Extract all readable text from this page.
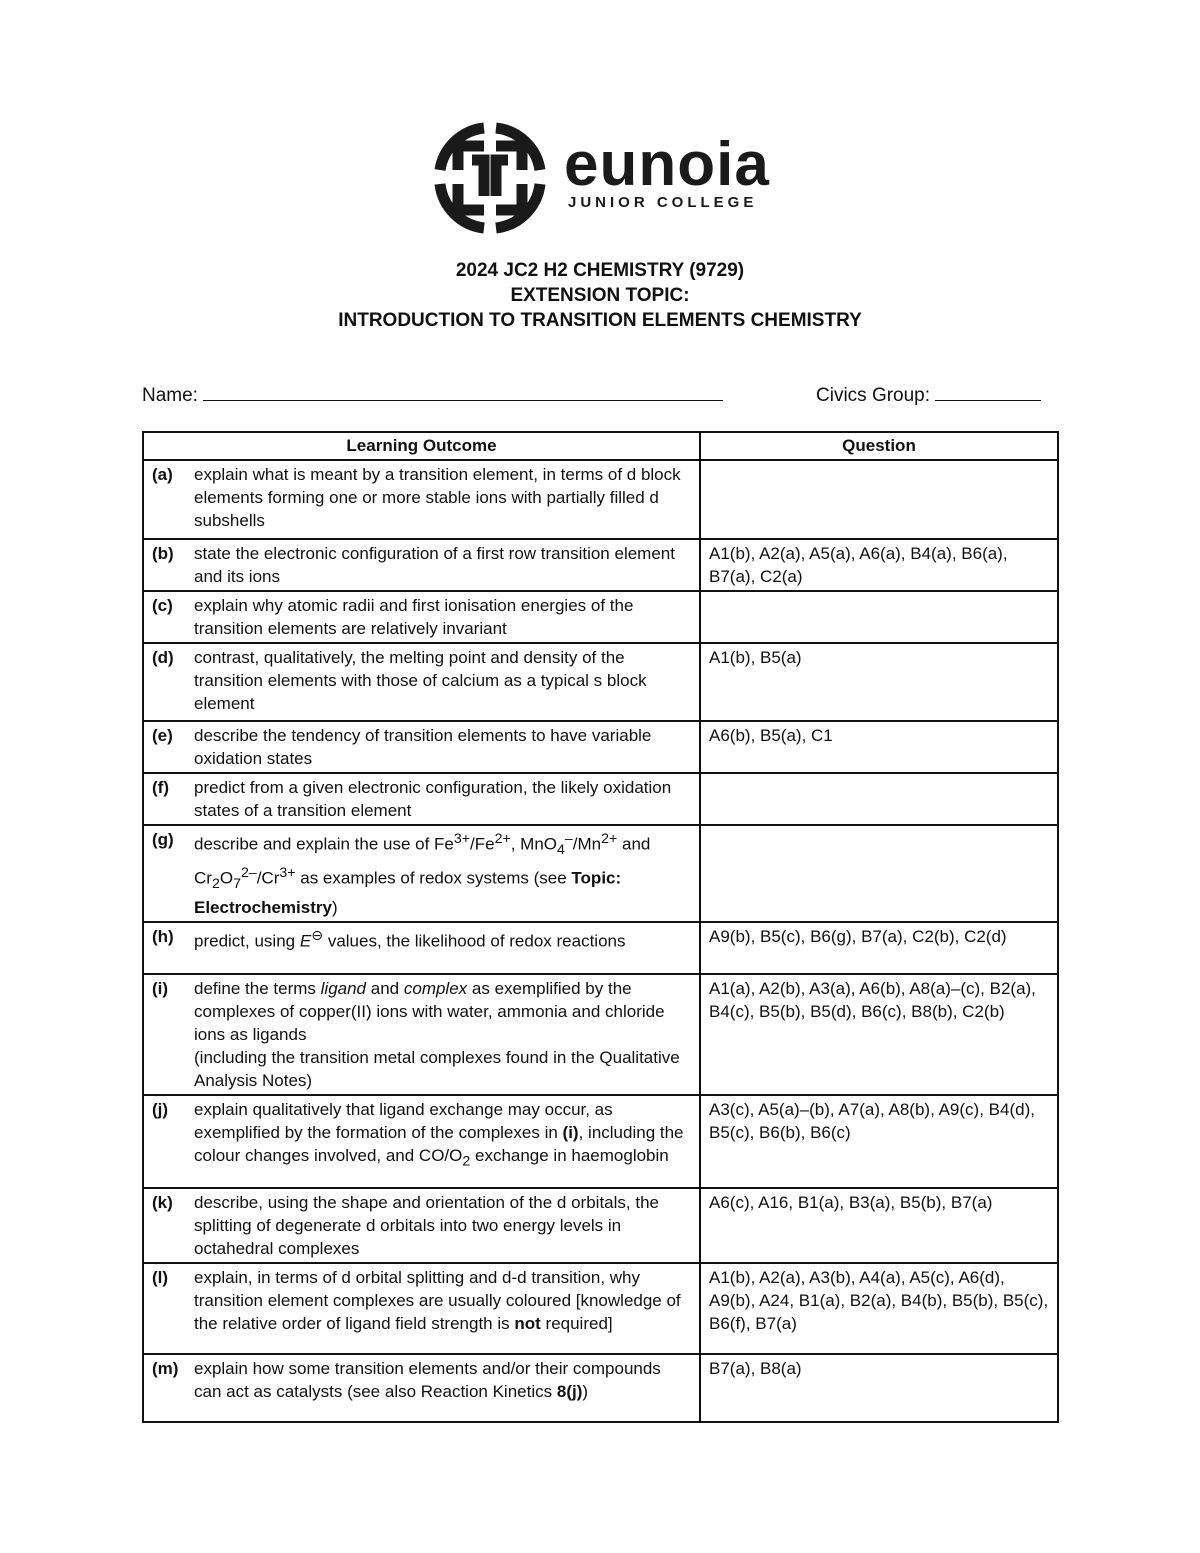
eunoia
JUNIOR COLLEGE
2024 JC2 H2 CHEMISTRY (9729)
EXTENSION TOPIC:
INTRODUCTION TO TRANSITION ELEMENTS CHEMISTRY
Name:	Civics Group:
Learning Outcome	Question
(a) explain what is meant by a transition element, in terms of d block elements forming one or more stable ions with partially filled d subshells	
(b) state the electronic configuration of a first row transition element and its ions	A1(b), A2(a), A5(a), A6(a), B4(a), B6(a), B7(a), C2(a)
(c) explain why atomic radii and first ionisation energies of the transition elements are relatively invariant	
(d) contrast, qualitatively, the melting point and density of the transition elements with those of calcium as a typical s block element	A1(b), B5(a)
(e) describe the tendency of transition elements to have variable oxidation states	A6(b), B5(a), C1
(f) predict from a given electronic configuration, the likely oxidation states of a transition element	
(g) describe and explain the use of $Fe^{3+}/Fe^{2+}$, $MnO_4^-/Mn^{2+}$ and $Cr_2O_7^{2-}/Cr^{3+}$ as examples of redox systems (see Topic: Electrochemistry)	
(h) predict, using E⊖ values, the likelihood of redox reactions	A9(b), B5(c), B6(g), B7(a), C2(b), C2(d)
(i) define the terms ligand and complex as exemplified by the complexes of copper(II) ions with water, ammonia and chloride ions as ligands
(including the transition metal complexes found in the Qualitative Analysis Notes)	A1(a), A2(b), A3(a), A6(b), A8(a)–(c), B2(a), B4(c), B5(b), B5(d), B6(c), B8(b), C2(b)
(j) explain qualitatively that ligand exchange may occur, as exemplified by the formation of the complexes in (i), including the colour changes involved, and $CO/O_2$ exchange in haemoglobin	A3(c), A5(a)–(b), A7(a), A8(b), A9(c), B4(d), B5(c), B6(b), B6(c)
(k) describe, using the shape and orientation of the d orbitals, the splitting of degenerate d orbitals into two energy levels in octahedral complexes	A6(c), A16, B1(a), B3(a), B5(b), B7(a)
(l) explain, in terms of d orbital splitting and d-d transition, why transition element complexes are usually coloured [knowledge of the relative order of ligand field strength is not required]	A1(b), A2(a), A3(b), A4(a), A5(c), A6(d), A9(b), A24, B1(a), B2(a), B4(b), B5(b), B5(c), B6(f), B7(a)
(m) explain how some transition elements and/or their compounds can act as catalysts (see also Reaction Kinetics 8(j))	B7(a), B8(a)
